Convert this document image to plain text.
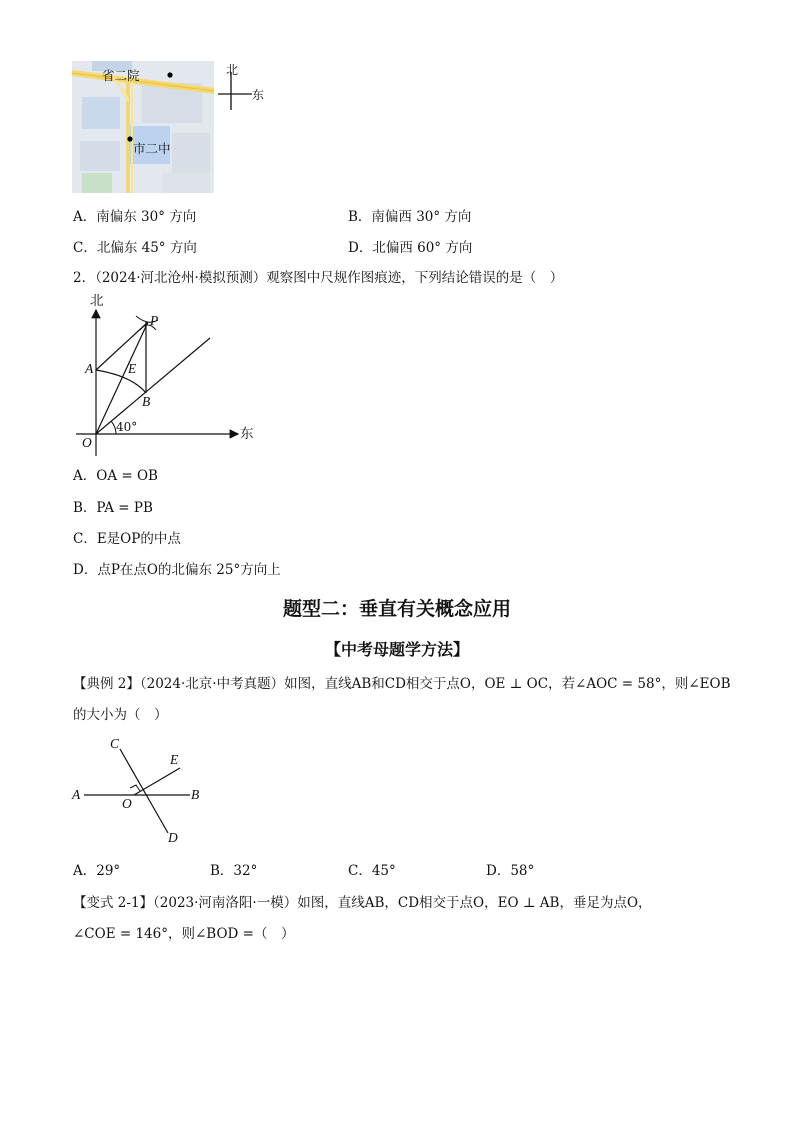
省二院
市二中
北
东
A．南偏东 30° 方向	B．南偏西 30° 方向
C．北偏东 45° 方向	D．北偏西 60° 方向
2．（2024·河北沧州·模拟预测）观察图中尺规作图痕迹，下列结论错误的是（　）
北
东
P
A	E
B
O
40°
A．OA = OB
B．PA = PB
C．E是OP的中点
D．点P在点O的北偏东 25°方向上
题型二：垂直有关概念应用
【中考母题学方法】
【典例 2】（2024·北京·中考真题）如图，直线AB和CD相交于点O，OE ⊥ OC，若∠AOC = 58°，则∠EOB
的大小为（　）
C
E
A
O
B
D
A．29°	B．32°	C．45°	D．58°
【变式 2-1】（2023·河南洛阳·一模）如图，直线AB，CD相交于点O，EO ⊥ AB，垂足为点O，
∠COE = 146°，则∠BOD =（　）
